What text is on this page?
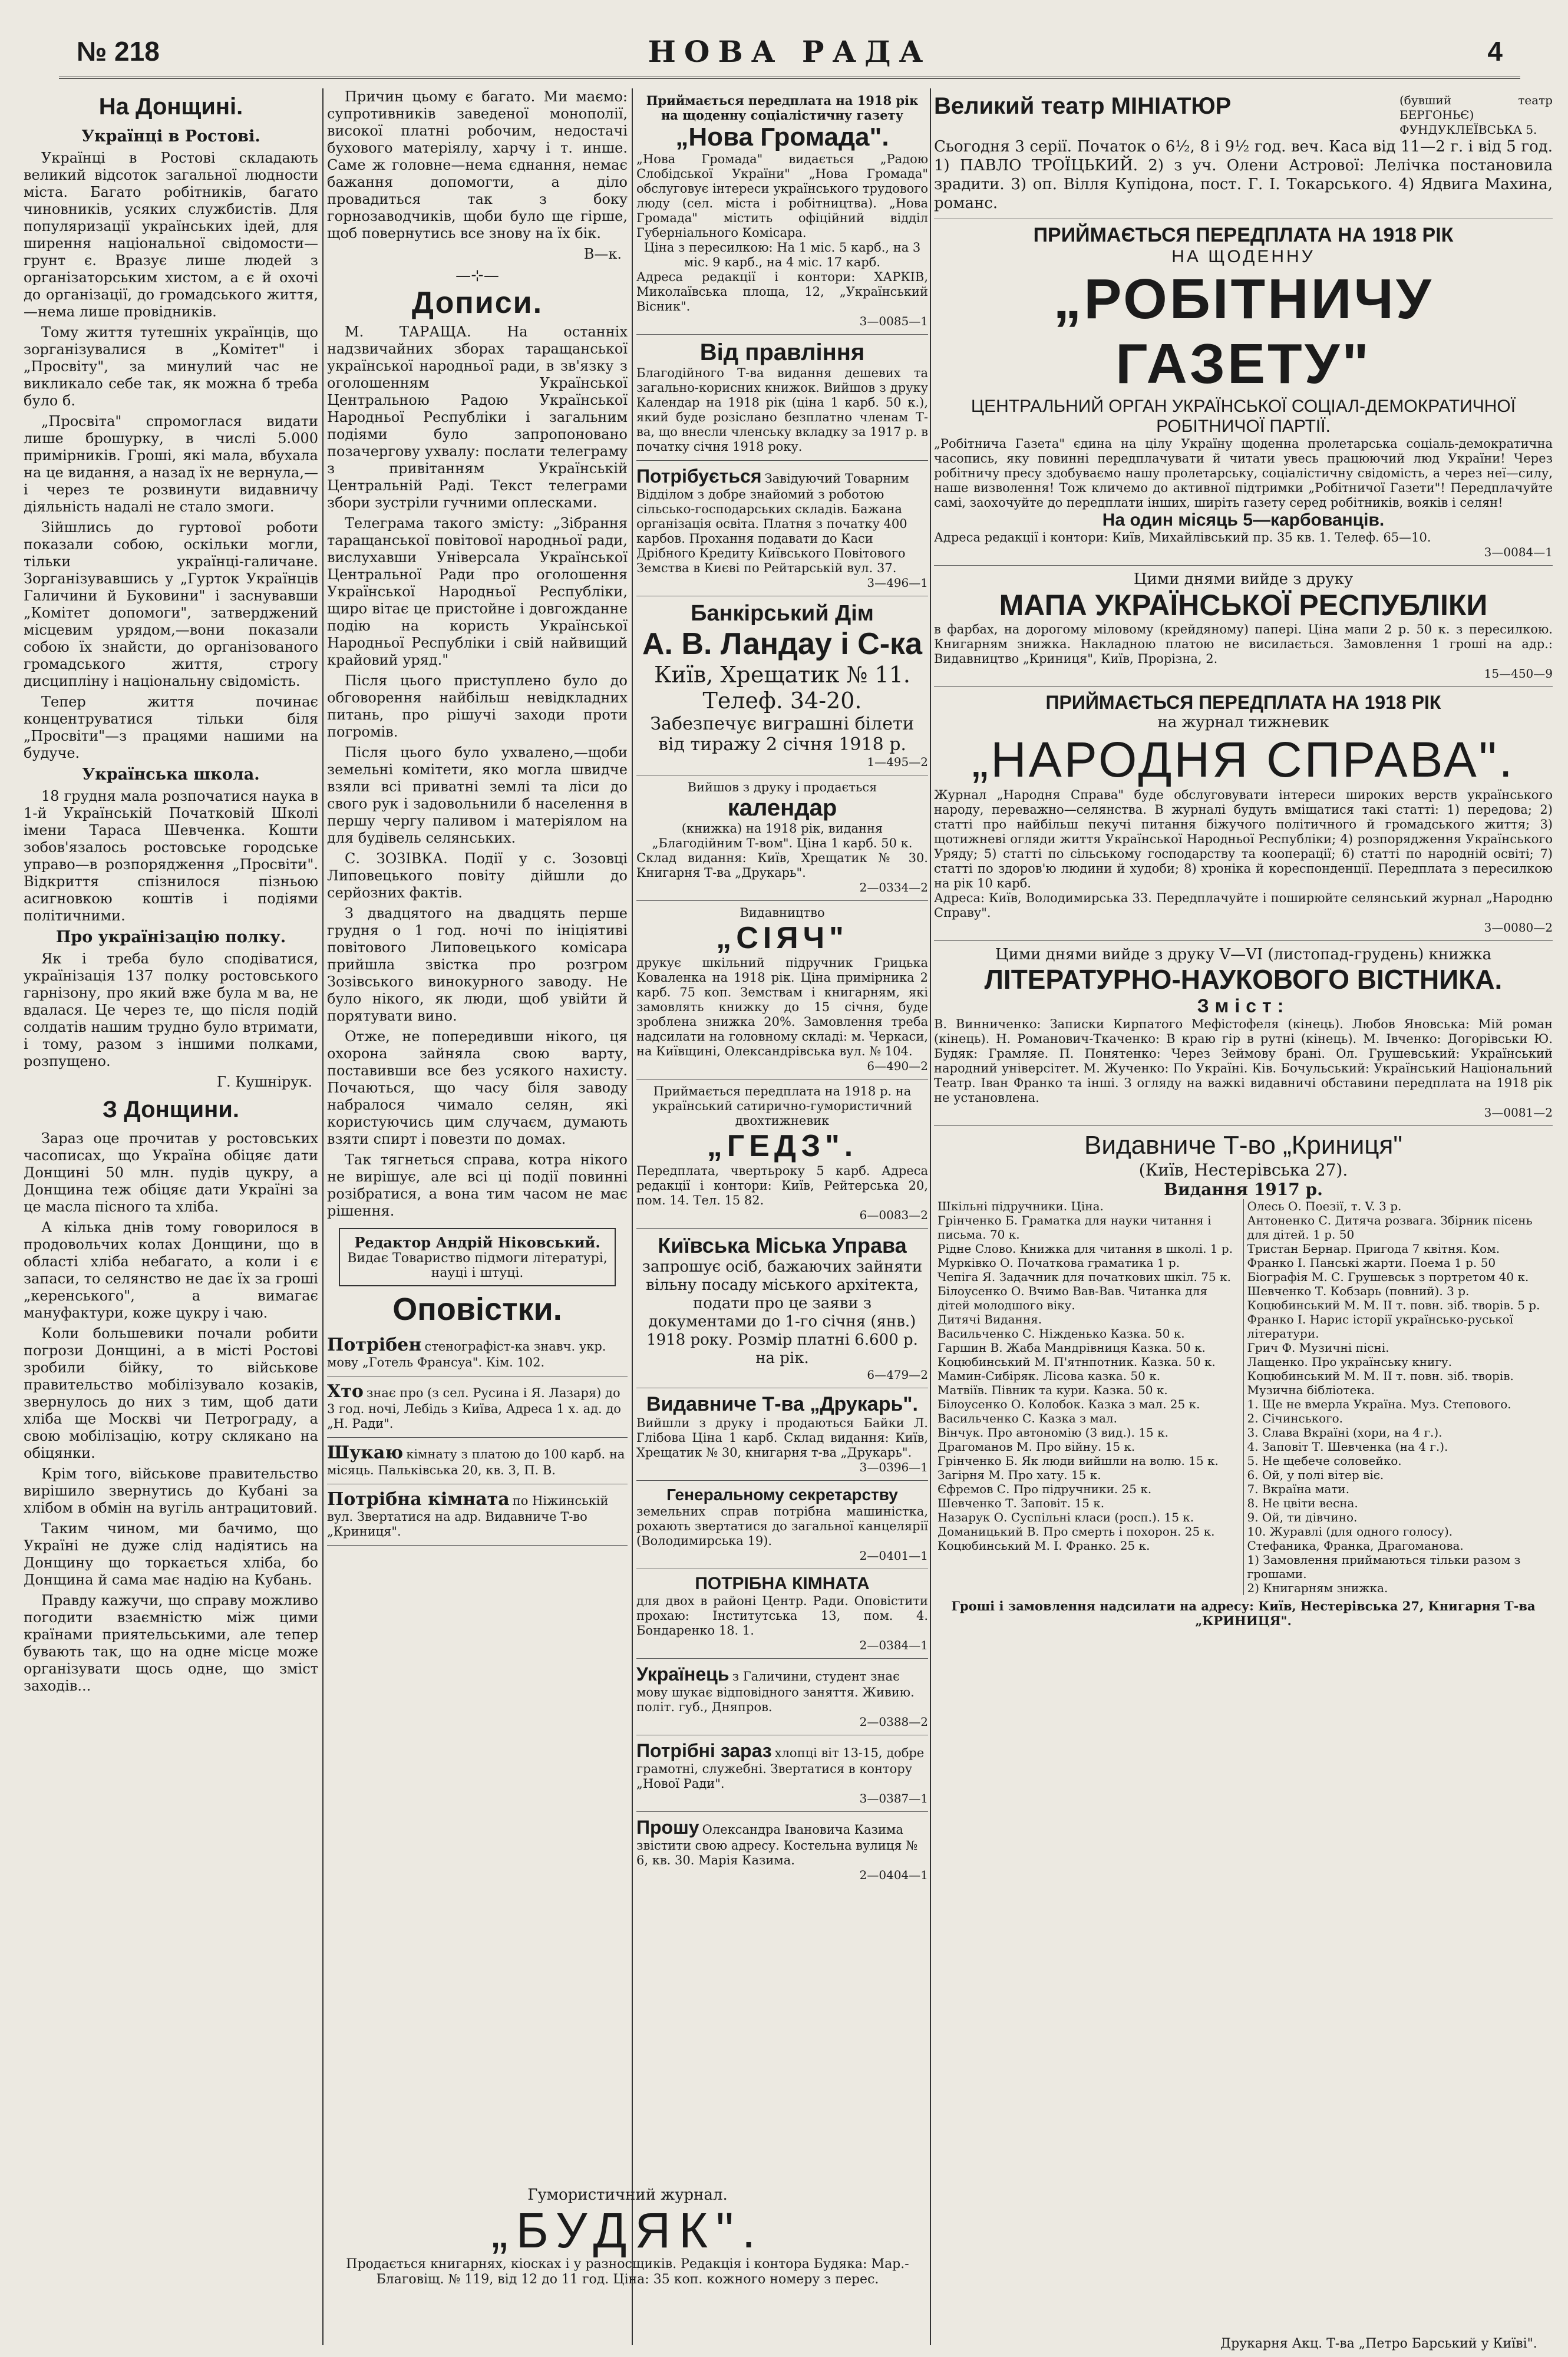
№ 218	НОВА РАДА	4
На Донщині.
Українці в Ростові.

Українці в Ростові складають великий відсоток загальної людности міста. Багато робітників, багато чиновників, усяких службистів. Для популяризації українських ідей, для ширення національної свідомости—грунт є. Вразує лише людей з організаторським хистом, а є й охочі до організації, до громадського життя,—нема лише провідників.

Тому життя тутешніх українців, що зорганізувалися в „Комітет" і „Просвіту", за минулий час не викликало себе так, як можна б треба було б.

„Просвіта" спромоглася видати лише брошурку, в числі 5.000 примірників. Гроші, які мала, вбухала на це видання, а назад їх не вернула,—і через те розвинути видавничу діяльність надалі не стало змоги.

Зійшлись до гуртової роботи показали собою, оскільки могли, тільки українці-галичане. Зорганізувавшись у „Гурток Українців Галичини й Буковини" і заснувавши „Комітет допомоги", затверджений місцевим урядом,—вони показали собою їх знайсти, до організованого громадського життя, строгу дисципліну і національну свідомість.

Тепер життя починає концентруватися тільки біля „Просвіти"—з працями нашими на будуче.

Українська школа.

18 грудня мала розпочатися наука в 1-й Українській Початковій Школі імени Тараса Шевченка. Кошти зобов'язалось ростовське городське управо—в розпорядження „Просвіти". Відкриття спізнилося пізньою асигновкою коштів і подіями політичними.

Про українізацію полку.

Як і треба було сподіватися, українізація 137 полку ростовського гарнізону, про який вже була м ва, не вдалася. Це через те, що після подій солдатів нашим трудно було втримати, і тому, разом з іншими полками, розпущено.

Г. Кушнірук.
З Донщини.

Зараз оце прочитав у ростовських часописах, що Україна обіцяє дати Донщині 50 млн. пудів цукру, а Донщина теж обіцяє дати Україні за це масла пісного та хліба.

А кілька днів тому говорилося в продовольчих колах Донщини, що в області хліба небагато, а коли і є запаси, то селянство не дає їх за гроші „керенського", а вимагає мануфактури, коже цукру і чаю.

Коли большевики почали робити погрози Донщині, а в місті Ростові зробили бійку, то військове правительство мобілізувало козаків, звернулось до них з тим, щоб дати хліба ще Москві чи Петрограду, а свою мобілізацію, котру склякано на обіцянки.

Крім того, військове правительство вирішило звернутись до Кубані за хлібом в обмін на вугіль антрацитовий.

Таким чином, ми бачимо, що Україні не дуже слід надіятись на Донщину що торкається хліба, бо Донщина й сама має надію на Кубань.

Правду кажучи, що справу можливо погодити взаємністю між цими країнами приятельськими, але тепер бувають так, що на одне місце може організувати щось одне, що зміст заходів...

Причин цьому є багато. Ми маємо: супротивників заведеної монополії, високої платні робочим, недостачі бухового матеріялу, харчу і т. инше. Саме ж головне—нема єднання, немає бажання допомогти, а діло провадиться так з боку горнозаводчиків, щоби було ще гірше, щоб повернутись все знову на їх бік.

В—к.
—⊹—
Дописи.

М. ТАРАЩА. На останніх надзвичайних зборах таращанської української народньої ради, в зв'язку з оголошенням Української Центральною Радою Української Народньої Республіки і загальним подіями було запропоновано позачергову ухвалу: послати телеграму з привітанням Українській Центральній Раді. Текст телеграми збори зустріли гучними оплесками.

Телеграма такого змісту: „Зібрання таращанської повітової народньої ради, вислухавши Універсала Української Центральної Ради про оголошення Української Народньої Республіки, щиро вітає це пристойне і довгожданне подію на користь Української Народньої Республіки і свій найвищий крайовий уряд."

Після цього приступлено було до обговорення найбільш невідкладних питань, про рішучі заходи проти погромів.

Після цього було ухвалено,—щоби земельні комітети, яко могла швидче взяли всі приватні землі та ліси до свого рук і задовольнили б населення в першу чергу паливом і матеріялом на для будівель селянських.

С. ЗОЗІВКА. Події у с. Зозовці Липовецького повіту дійшли до серйозних фактів.

З двадцятого на двадцять перше грудня о 1 год. ночі по ініціятиві повітового Липовецького комісара прийшла звістка про розгром Зозівського винокурного заводу. Не було нікого, як люди, щоб увійти й порятувати вино.

Отже, не попередивши нікого, ця охорона зайняла свою варту, поставивши все без усякого нахисту. Почаються, що часу біля заводу набралося чимало селян, які користуючись цим случаєм, думають взяти спирт і повезти по домах.

Так тягнеться справа, котра нікого не вирішує, але всі ці події повинні розібратися, а вона тим часом не має рішення.

Редактор Андрій Ніковський.
Видає Товариство підмоги літературі, науці і штуці.
Оповістки.
Потрібен стенографіст-ка знавч. укр. мову „Готель Франсуа". Кім. 102.
Хто знає про (з сел. Русина і Я. Лазаря) до 3 год. ночі, Лебідь з Київа, Адреса 1 х. ад. до „Н. Ради".
Шукаю кімнату з платою до 100 карб. на місяць. Пальківська 20, кв. 3, П. В.
Потрібна кімната по Ніжинській вул. Звертатися на адр. Видавниче Т-во „Криниця".
Гумористичний журнал.
„БУДЯК".
Продається книгарнях, кіосках і у разносщиків. Редакція і контора Будяка: Мар.-Благовіщ. № 119, від 12 до 11 год. Ціна: 35 коп. кожного номеру з перес.
Приймається передплата на 1918 рік на щоденну соціалістичну газету
„Нова Громада".
„Нова Громада" видається „Радою Слобідської України" „Нова Громада" обслуговує інтереси українського трудового люду (сел. міста і робітництва). „Нова Громада" містить офіційний відділ Губерніального Комісара.
Ціна з пересилкою: На 1 міс. 5 карб., на 3 міс. 9 карб., на 4 міс. 17 карб.
Адреса редакції і контори: ХАРКІВ, Миколаївська площа, 12, „Український Вісник".
3—0085—1
Від правління
Благодійного Т-ва видання дешевих та загально-корисних книжок. Вийшов з друку Календар на 1918 рік (ціна 1 карб. 50 к.), який буде розіслано безплатно членам Т-ва, що внесли членську вкладку за 1917 р. в початку січня 1918 року.
Потрібується Завідуючий Товарним Відділом з добре знайомий з роботою сільсько-господарських складів. Бажана організація освіта. Платня з початку 400 карбов. Прохання подавати до Каси Дрібного Кредиту Київського Повітового Земства в Києві по Рейтарській вул. 37.
3—496—1
Банкірський Дім
А. В. Ландау і С-ка
Київ, Хрещатик № 11.
Телеф. 34-20.
Забезпечує виграшні білети від тиражу 2 січня 1918 р.
1—495—2
Вийшов з друку і продається
календар
(книжка) на 1918 рік, видання „Благодійним Т-вом". Ціна 1 карб. 50 к.
Склад видання: Київ, Хрещатик № 30. Книгарня Т-ва „Друкарь".
2—0334—2
Видавництво
„СІЯЧ"
друкує шкільний підручник Грицька Коваленка на 1918 рік. Ціна примірника 2 карб. 75 коп. Земствам і книгарням, які замовлять книжку до 15 січня, буде зроблена знижка 20%. Замовлення треба надсилати на головному складі: м. Черкаси, на Київщині, Олександрівська вул. № 104.
6—490—2
Приймається передплата на 1918 р. на український сатирично-гумористичний двохтижневик
„ГЕДЗ".
Передплата, чвертьроку 5 карб. Адреса редакції і контори: Київ, Рейтерська 20, пом. 14. Тел. 15 82.
6—0083—2
Київська Міська Управа
запрошує осіб, бажаючих зайняти вільну посаду міського архітекта, подати про це заяви з документами до 1-го січня (янв.) 1918 року. Розмір платні 6.600 р. на рік.
6—479—2
Видавниче Т-ва „Друкарь".
Вийшли з друку і продаються Байки Л. Глібова Ціна 1 карб. Склад видання: Київ, Хрещатик № 30, книгарня т-ва „Друкарь".
3—0396—1
Генеральному секретарству
земельних справ потрібна машиністка, рохають звертатися до загальної канцелярії (Володимирська 19).
2—0401—1
ПОТРІБНА КІМНАТА
для двох в районі Центр. Ради. Оповістити прохаю: Інститутська 13, пом. 4. Бондаренко 18. 1.
2—0384—1
Українець з Галичини, студент знає мову шукає відповідного заняття. Живию. політ. губ., Дняпров.
2—0388—2
Потрібні зараз хлопці віт 13-15, добре грамотні, служебні. Звертатися в контору „Нової Ради".
3—0387—1
Прошу Олександра Івановича Казима звістити свою адресу. Костельна вулиця № 6, кв. 30. Марія Казима.
2—0404—1
Великий театр МІНІАТЮР	(бувший театр БЕРГОНЬЄ) ФУНДУКЛЕЇВСЬКА 5.
Сьогодня 3 серії. Початок о 6½, 8 і 9½ год. веч. Каса від 11—2 г. і від 5 год. 1) ПАВЛО ТРОЇЦЬКИЙ. 2) з уч. Олени Астрової: Лелічка постановила зрадити. 3) оп. Вілля Купідона, пост. Г. І. Токарського. 4) Ядвига Махина, романс.
ПРИЙМАЄТЬСЯ ПЕРЕДПЛАТА НА 1918 РІК
НА ЩОДЕННУ
„РОБІТНИЧУ ГАЗЕТУ"
ЦЕНТРАЛЬНИЙ ОРГАН УКРАЇНСЬКОЇ СОЦІАЛ-ДЕМОКРАТИЧНОЇ РОБІТНИЧОЇ ПАРТІЇ.
„Робітнича Газета" єдина на цілу Україну щоденна пролетарська соціаль-демократична часопись, яку повинні передплачувати й читати увесь працюючий люд України! Через робітничу пресу здобуваємо нашу пролетарську, соціалістичну свідомість, а через неї—силу, наше визволення! Тож кличемо до активної підтримки „Робітничої Газети"! Передплачуйте самі, заохочуйте до передплати інших, ширіть газету серед робітників, вояків і селян!
На один місяць 5—карбованців.
Адреса редакції і контори: Київ, Михайлівський пр. 35 кв. 1. Телеф. 65—10.
3—0084—1
Цими днями вийде з друку
МАПА УКРАЇНСЬКОЇ РЕСПУБЛІКИ
в фарбах, на дорогому міловому (крейдяному) папері. Ціна мапи 2 р. 50 к. з пересилкою. Книгарням знижка. Накладною платою не висилається. Замовлення 1 гроші на адр.: Видавництво „Криниця", Київ, Прорізна, 2.
15—450—9
ПРИЙМАЄТЬСЯ ПЕРЕДПЛАТА НА 1918 РІК
на журнал тижневик
„НАРОДНЯ СПРАВА".
Журнал „Народня Справа" буде обслуговувати інтереси широких верств українського народу, переважно—селянства. В журналі будуть вміщатися такі статті: 1) передова; 2) статті про найбільш пекучі питання біжучого політичного й громадського життя; 3) щотижневі огляди життя Української Народньої Республіки; 4) розпорядження Українського Уряду; 5) статті по сільському господарству та кооперації; 6) статті по народній освіті; 7) статті по здоров'ю людини й худоби; 8) хроніка й кореспонденції. Передплата з пересилкою на рік 10 карб.
Адреса: Київ, Володимирська 33. Передплачуйте і поширюйте селянський журнал „Народню Справу".
3—0080—2
Цими днями вийде з друку V—VI (листопад-грудень) книжка
ЛІТЕРАТУРНО-НАУКОВОГО ВІСТНИКА.
Зміст:
В. Винниченко: Записки Кирпатого Мефістофеля (кінець). Любов Яновська: Мій роман (кінець). Н. Романович-Ткаченко: В краю гір в рутні (кінець). М. Івченко: Догорівськи Ю. Будяк: Грамляе. П. Понятенко: Через Зеймову брані. Ол. Грушевський: Український народний універсітет. М. Жученко: По Україні. Ків. Бочульський: Український Національний Театр. Іван Франко та інші. З огляду на важкі видавничі обставини передплата на 1918 рік не установлена.
3—0081—2
Видавниче Т-во „Криниця"
(Київ, Нестерівська 27).
Видання 1917 р.
Шкільні підручники. Ціна.
Грінченко Б. Граматка для науки читання і письма. 70 к.
Рідне Слово. Книжка для читання в школі. 1 р.
Мурківко О. Початкова граматика 1 р.
Чепіга Я. Задачник для початкових шкіл. 75 к.
Білоусенко О. Вчимо Вав-Вав. Читанка для дітей молодшого віку.
Дитячі Видання.
Васильченко С. Ніжденько Казка. 50 к.
Гаршин В. Жаба Мандрівниця Казка. 50 к.
Коцюбинський М. П'ятнпотник. Казка. 50 к.
Мамин-Сибіряк. Лісова казка. 50 к.
Матвіїв. Півник та кури. Казка. 50 к.
Білоусенко О. Колобок. Казка з мал. 25 к.
Васильченко С. Казка з мал.
Вінчук. Про автономію (3 вид.). 15 к.
Драгоманов М. Про війну. 15 к.
Грінченко Б. Як люди вийшли на волю. 15 к.
Загірня М. Про хату. 15 к.
Єфремов С. Про підручники. 25 к.
Шевченко Т. Заповіт. 15 к.
Назарук О. Суспільні класи (росп.). 15 к.
Доманицький В. Про смерть і похорон. 25 к.
Коцюбинський М. І. Франко. 25 к.
Олесь О. Поезії, т. V. 3 р.
Антоненко С. Дитяча розвага. Збірник пісень для дітей. 1 р. 50
Тристан Бернар. Пригода 7 квітня. Ком.
Франко І. Панські жарти. Поема 1 р. 50
Біографія М. С. Грушевськ з портретом 40 к.
Шевченко Т. Кобзарь (повний). 3 р.
Коцюбинський М. М. II т. повн. зіб. творів. 5 р.
Франко І. Нарис історії українсько-руської літератури.
Грич Ф. Музичні пісні.
Лащенко. Про українську книгу.
Коцюбинський М. М. II т. повн. зіб. творів.
Музична бібліотека.
1. Ще не вмерла Україна. Муз. Степового.
2. Січинського.
3. Слава Вкраїні (хори, на 4 г.).
4. Заповіт Т. Шевченка (на 4 г.).
5. Не щебече соловейко.
6. Ой, у полі вітер віє.
7. Вкраїна мати.
8. Не цвіти весна.
9. Ой, ти дівчино.
10. Журавлі (для одного голосу).
Стефаника, Франка, Драгоманова.
1) Замовлення приймаються тільки разом з грошами.
2) Книгарням знижка.
Гроші і замовлення надсилати на адресу: Київ, Нестерівська 27, Книгарня Т-ва „КРИНИЦЯ".
Друкарня Акц. Т-ва „Петро Барський у Київі".
